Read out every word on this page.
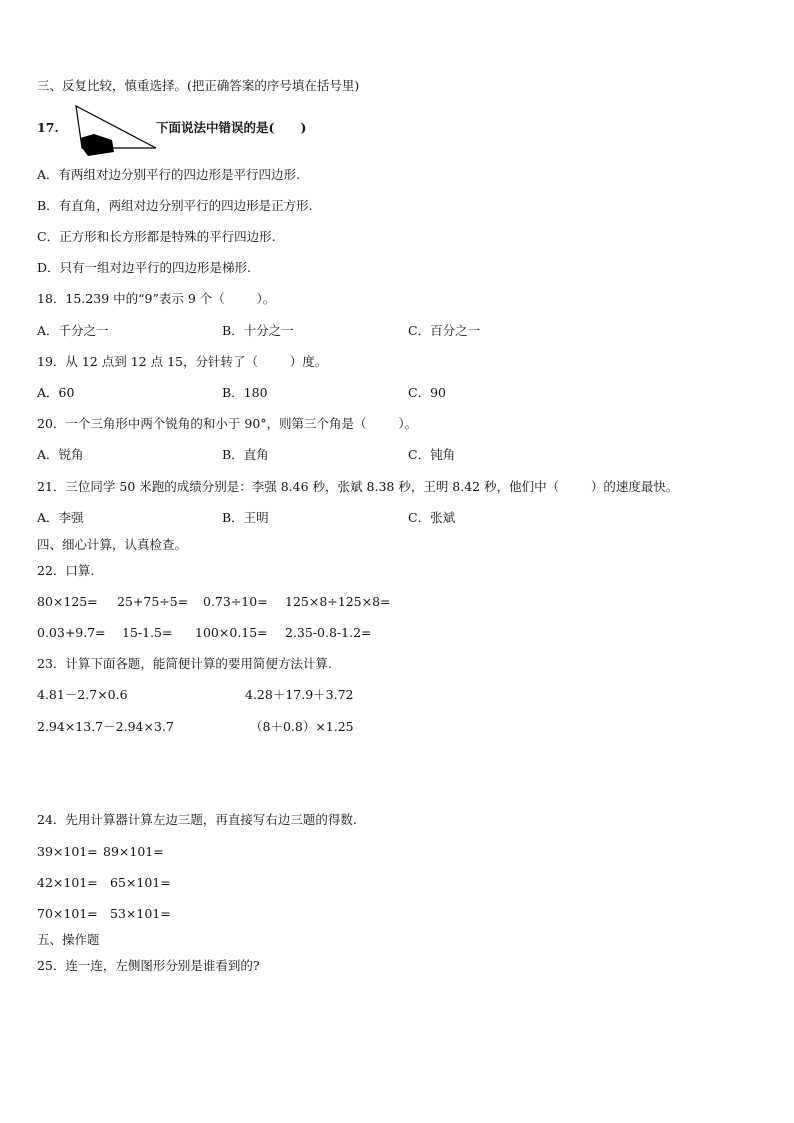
三、反复比较，慎重选择。(把正确答案的序号填在括号里)
17.	下面说法中错误的是(      )
A．有两组对边分别平行的四边形是平行四边形.
B．有直角，两组对边分别平行的四边形是正方形.
C．正方形和长方形都是特殊的平行四边形.
D．只有一组对边平行的四边形是梯形.
18．15.239 中的“9”表示 9 个（        ）。
A．千分之一	B．十分之一	C．百分之一
19．从 12 点到 12 点 15，分针转了（        ）度。
A．60	B．180	C．90
20．一个三角形中两个锐角的和小于 90°，则第三个角是（        ）。
A．锐角	B．直角	C．钝角
21．三位同学 50 米跑的成绩分别是：李强 8.46 秒，张斌 8.38 秒，王明 8.42 秒，他们中（        ）的速度最快。
A．李强	B．王明	C．张斌
四、细心计算，认真检查。
22．口算.
80×125= 25+75÷5= 0.73÷10= 125×8÷125×8=
0.03+9.7= 15-1.5= 100×0.15= 2.35-0.8-1.2=
23．计算下面各题，能简便计算的要用简便方法计算.
4.81－2.7×0.6	4.28＋17.9＋3.72
2.94×13.7－2.94×3.7	（8＋0.8）×1.25
24．先用计算器计算左边三题，再直接写右边三题的得数.
39×101= 89×101=
42×101= 65×101=
70×101= 53×101=
五、操作题
25．连一连，左侧图形分别是谁看到的?
